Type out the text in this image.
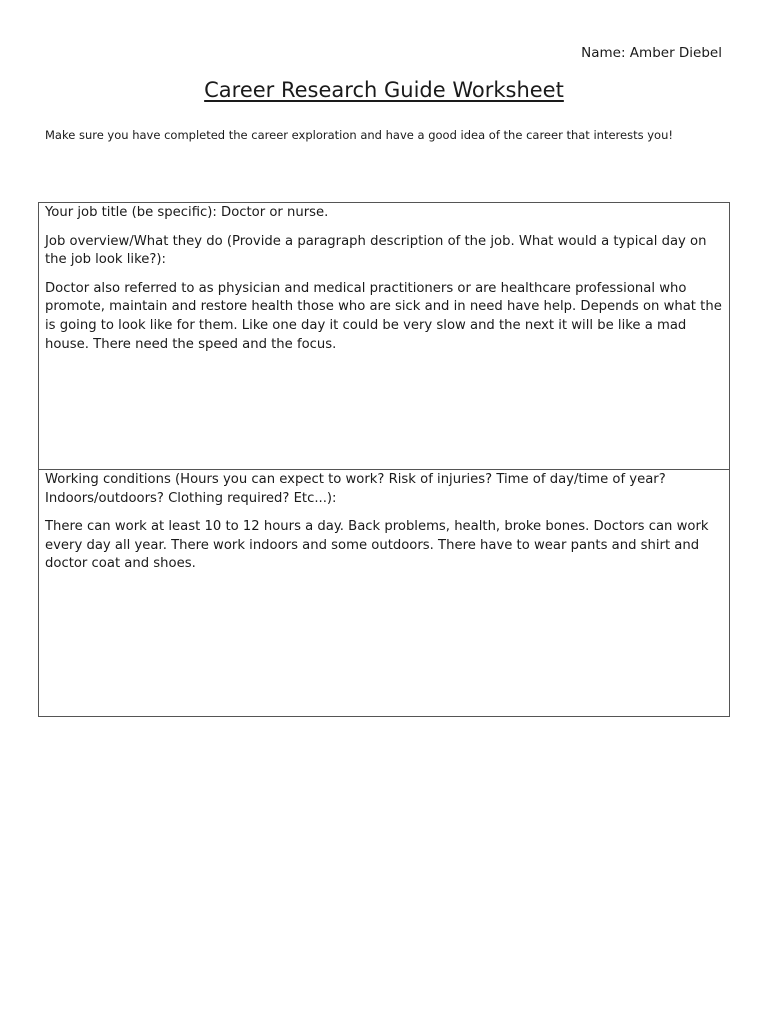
Name: Amber Diebel
Career Research Guide Worksheet
Make sure you have completed the career exploration and have a good idea of the career that interests you!

Your job title (be specific): Doctor or nurse.

Job overview/What they do (Provide a paragraph description of the job. What would a typical day on the job look like?):

Doctor also referred to as physician and medical practitioners or are healthcare professional who promote, maintain and restore health those who are sick and in need have help. Depends on what the is going to look like for them. Like one day it could be very slow and the next it will be like a mad house. There need the speed and the focus.

Working conditions (Hours you can expect to work? Risk of injuries? Time of day/time of year? Indoors/outdoors? Clothing required? Etc...):

There can work at least 10 to 12 hours a day. Back problems, health, broke bones. Doctors can work every day all year. There work indoors and some outdoors. There have to wear pants and shirt and doctor coat and shoes.
